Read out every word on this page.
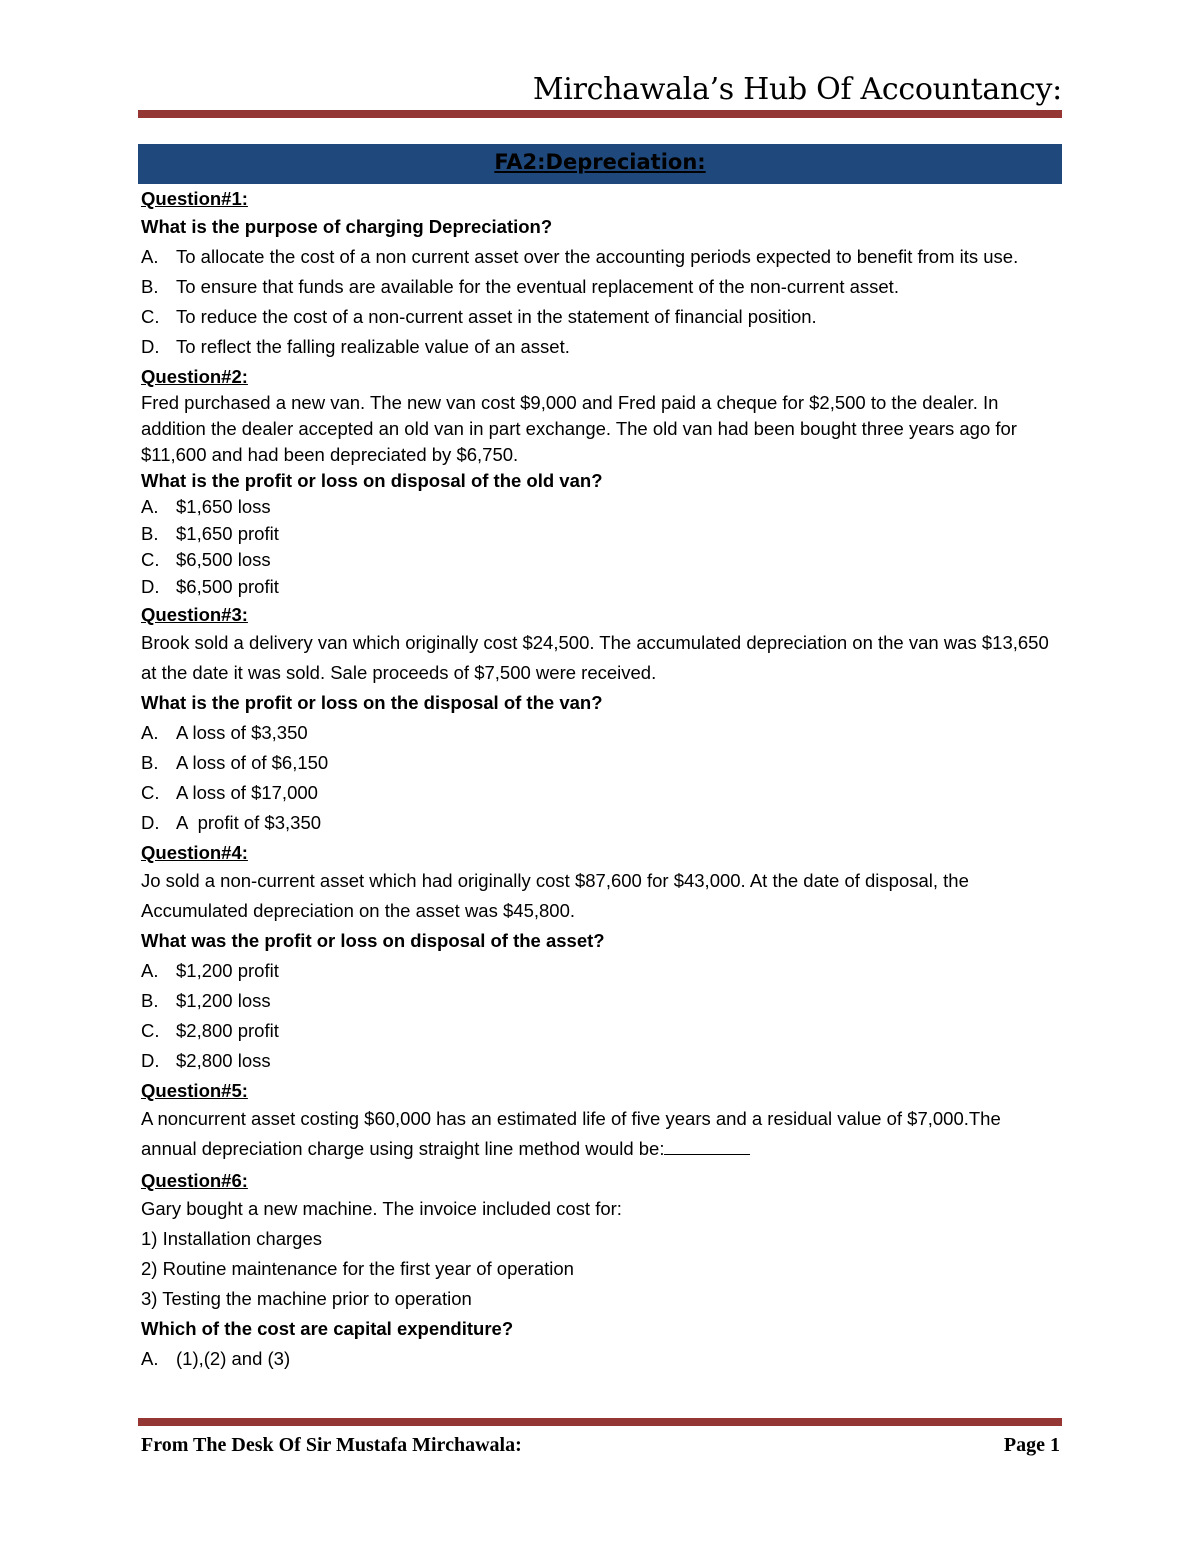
Mirchawala’s Hub Of Accountancy:
FA2:Depreciation:
Question#1:
What is the purpose of charging Depreciation?
A. To allocate the cost of a non current asset over the accounting periods expected to benefit from its use.
B. To ensure that funds are available for the eventual replacement of the non-current asset.
C. To reduce the cost of a non-current asset in the statement of financial position.
D. To reflect the falling realizable value of an asset.
Question#2:
Fred purchased a new van. The new van cost $9,000 and Fred paid a cheque for $2,500 to the dealer. In addition the dealer accepted an old van in part exchange. The old van had been bought three years ago for $11,600 and had been depreciated by $6,750.
What is the profit or loss on disposal of the old van?
A. $1,650 loss
B. $1,650 profit
C. $6,500 loss
D. $6,500 profit
Question#3:
Brook sold a delivery van which originally cost $24,500. The accumulated depreciation on the van was $13,650 at the date it was sold. Sale proceeds of $7,500 were received.
What is the profit or loss on the disposal of the van?
A. A loss of $3,350
B. A loss of of $6,150
C. A loss of $17,000
D. A  profit of $3,350
Question#4:
Jo sold a non-current asset which had originally cost $87,600 for $43,000. At the date of disposal, the Accumulated depreciation on the asset was $45,800.
What was the profit or loss on disposal of the asset?
A. $1,200 profit
B. $1,200 loss
C. $2,800 profit
D. $2,800 loss
Question#5:
A noncurrent asset costing $60,000 has an estimated life of five years and a residual value of $7,000.The annual depreciation charge using straight line method would be:
Question#6:
Gary bought a new machine. The invoice included cost for:
1) Installation charges
2) Routine maintenance for the first year of operation
3) Testing the machine prior to operation
Which of the cost are capital expenditure?
A. (1),(2) and (3)
From The Desk Of Sir Mustafa Mirchawala:	Page 1
